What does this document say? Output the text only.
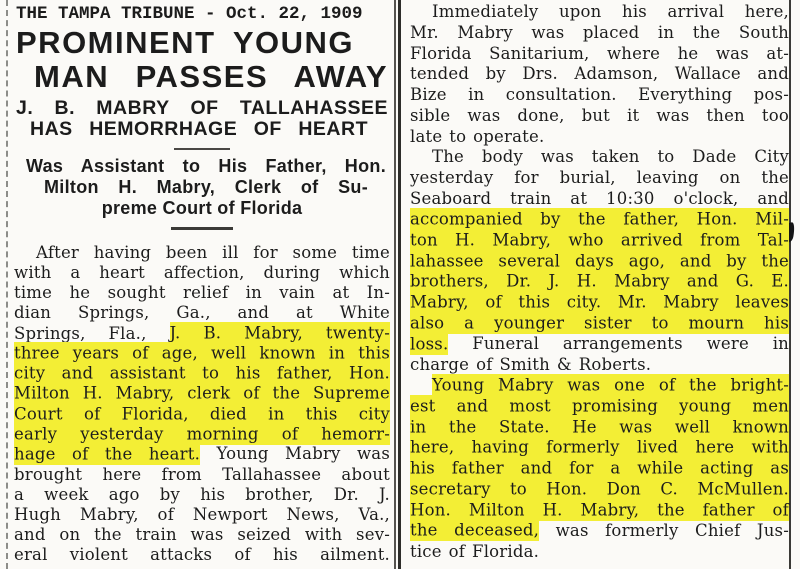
THE TAMPA TRIBUNE - Oct. 22, 1909
PROMINENT YOUNG
MAN PASSES AWAY
J. B. MABRY OF TALLAHASSEE
HAS HEMORRHAGE OF HEART
Was Assistant to His Father, Hon.
Milton H. Mabry, Clerk of Su-
preme Court of Florida
After having been ill for some time
with a heart affection, during which
time he sought relief in vain at In-
dian Springs, Ga., and at White
Springs, Fla., J. B. Mabry, twenty-
three years of age, well known in this
city and assistant to his father, Hon.
Milton H. Mabry, clerk of the Supreme
Court of Florida, died in this city
early yesterday morning of hemorr-
hage of the heart. Young Mabry was
brought here from Tallahassee about
a week ago by his brother, Dr. J.
Hugh Mabry, of Newport News, Va.,
and on the train was seized with sev-
eral violent attacks of his ailment.
Immediately upon his arrival here,
Mr. Mabry was placed in the South
Florida Sanitarium, where he was at-
tended by Drs. Adamson, Wallace and
Bize in consultation. Everything pos-
sible was done, but it was then too
late to operate.
The body was taken to Dade City
yesterday for burial, leaving on the
Seaboard train at 10:30 o'clock, and
accompanied by the father, Hon. Mil-
ton H. Mabry, who arrived from Tal-
lahassee several days ago, and by the
brothers, Dr. J. H. Mabry and G. E.
Mabry, of this city. Mr. Mabry leaves
also a younger sister to mourn his
loss. Funeral arrangements were in
charge of Smith & Roberts.
Young Mabry was one of the bright-
est and most promising young men
in the State. He was well known
here, having formerly lived here with
his father and for a while acting as
secretary to Hon. Don C. McMullen.
Hon. Milton H. Mabry, the father of
the deceased, was formerly Chief Jus-
tice of Florida.
